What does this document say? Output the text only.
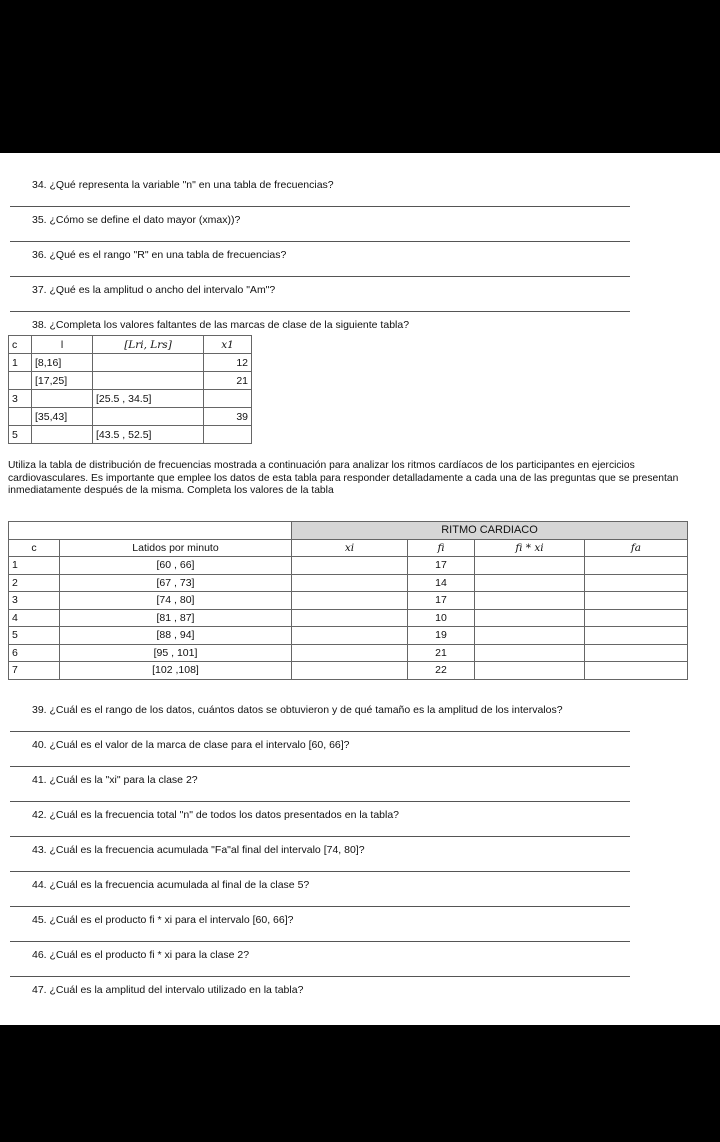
34. ¿Qué representa la variable "n" en una tabla de frecuencias?
35. ¿Cómo se define el dato mayor (xmax))?
36. ¿Qué es el rango "R" en una tabla de frecuencias?
37. ¿Qué es la amplitud o ancho del intervalo "Am"?
38. ¿Completa los valores faltantes de las marcas de clase de la siguiente tabla?
c	l	[Lri, Lrs]	x1
1	[8,16]		12
	[17,25]		21
3		[25.5 , 34.5]	
	[35,43]		39
5		[43.5 , 52.5]	
Utiliza la tabla de distribución de frecuencias mostrada a continuación para analizar los ritmos cardíacos de los participantes en ejercicios cardiovasculares. Es importante que emplee los datos de esta tabla para responder detalladamente a cada una de las preguntas que se presentan inmediatamente después de la misma. Completa los valores de la tabla
		RITMO CARDIACO			
c	Latidos por minuto	xi	fi	fi * xi	fa
1	[60 , 66]		17		
2	[67 , 73]		14		
3	[74 , 80]		17		
4	[81 , 87]		10		
5	[88 , 94]		19		
6	[95 , 101]		21		
7	[102 ,108]		22		
39. ¿Cuál es el rango de los datos, cuántos datos se obtuvieron y de qué tamaño es la amplitud de los intervalos?
40. ¿Cuál es el valor de la marca de clase para el intervalo [60, 66]?
41. ¿Cuál es la "xi" para la clase 2?
42. ¿Cuál es la frecuencia total "n" de todos los datos presentados en la tabla?
43. ¿Cuál es la frecuencia acumulada "Fa"al final del intervalo [74, 80]?
44. ¿Cuál es la frecuencia acumulada al final de la clase 5?
45. ¿Cuál es el producto fi * xi para el intervalo [60, 66]?
46. ¿Cuál es el producto fi * xi para la clase 2?
47. ¿Cuál es la amplitud del intervalo utilizado en la tabla?
